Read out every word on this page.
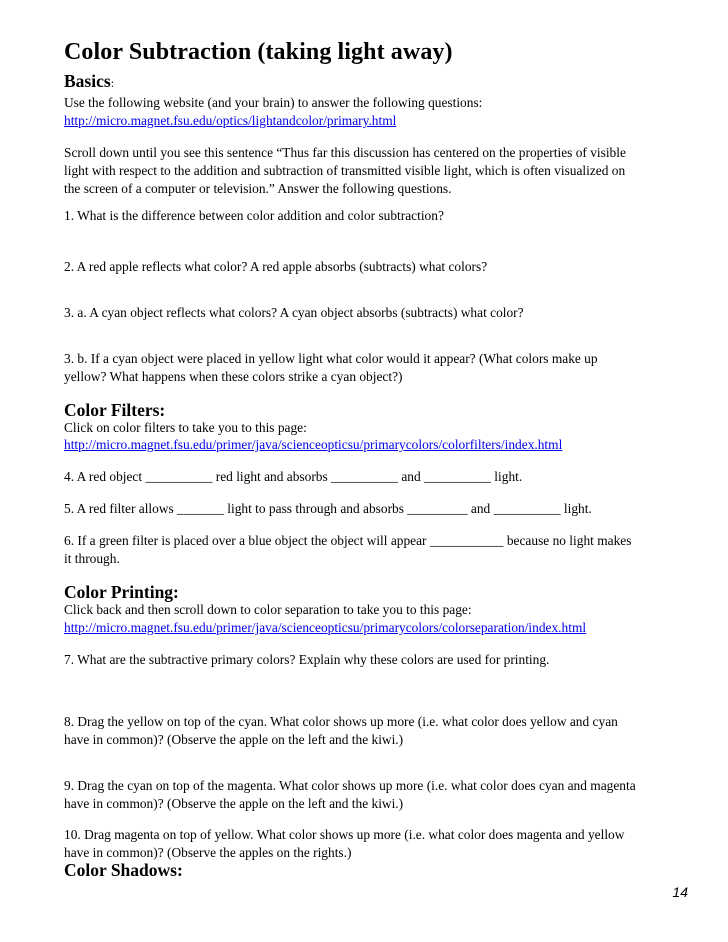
Color Subtraction (taking light away)
Basics:
Use the following website (and your brain) to answer the following questions:
http://micro.magnet.fsu.edu/optics/lightandcolor/primary.html
Scroll down until you see this sentence “Thus far this discussion has centered on the properties of visible
light with respect to the addition and subtraction of transmitted visible light, which is often visualized on
the screen of a computer or television.” Answer the following questions.
1. What is the difference between color addition and color subtraction?
2. A red apple reflects what color? A red apple absorbs (subtracts) what colors?
3. a. A cyan object reflects what colors? A cyan object absorbs (subtracts) what color?
3. b. If a cyan object were placed in yellow light what color would it appear? (What colors make up
yellow? What happens when these colors strike a cyan object?)
Color Filters:
Click on color filters to take you to this page:
http://micro.magnet.fsu.edu/primer/java/scienceopticsu/primarycolors/colorfilters/index.html
4. A red object __________ red light and absorbs __________ and __________ light.
5. A red filter allows _______ light to pass through and absorbs _________ and __________ light.
6. If a green filter is placed over a blue object the object will appear ___________ because no light makes
it through.
Color Printing:
Click back and then scroll down to color separation to take you to this page:
http://micro.magnet.fsu.edu/primer/java/scienceopticsu/primarycolors/colorseparation/index.html
7. What are the subtractive primary colors? Explain why these colors are used for printing.
8. Drag the yellow on top of the cyan. What color shows up more (i.e. what color does yellow and cyan
have in common)? (Observe the apple on the left and the kiwi.)
9. Drag the cyan on top of the magenta. What color shows up more (i.e. what color does cyan and magenta
have in common)? (Observe the apple on the left and the kiwi.)
10. Drag magenta on top of yellow. What color shows up more (i.e. what color does magenta and yellow
have in common)? (Observe the apples on the rights.)
Color Shadows:
14
